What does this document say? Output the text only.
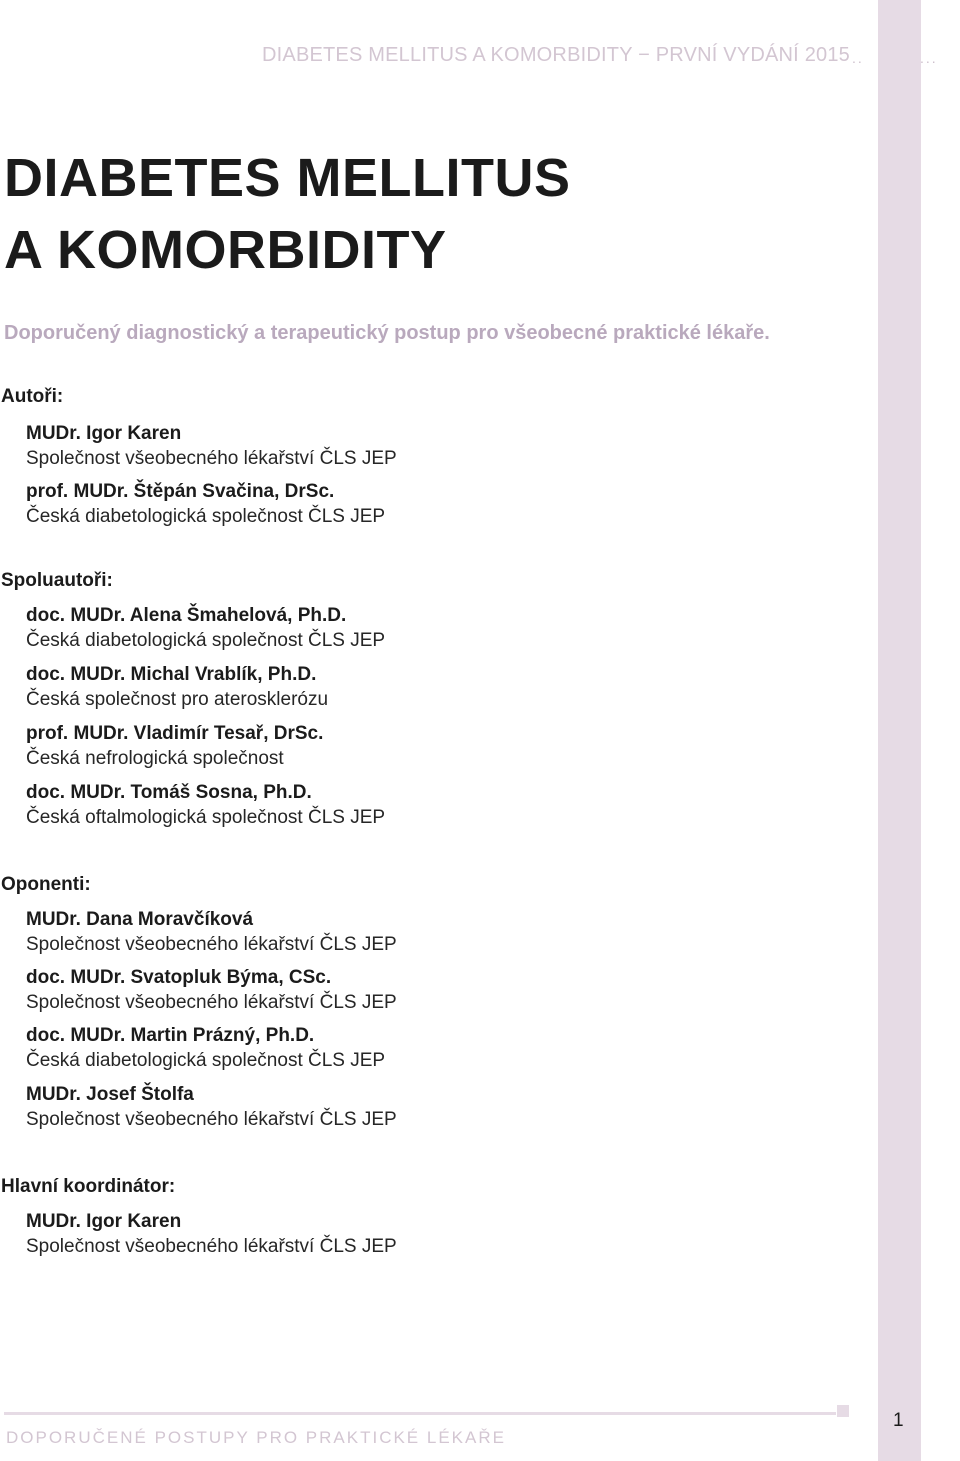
DIABETES MELLITUS A KOMORBIDITY − PRVNÍ VYDÁNÍ 2015 ..	...
DIABETES MELLITUS
A KOMORBIDITY
Doporučený diagnostický a terapeutický postup pro všeobecné praktické lékaře.
Autoři:
MUDr. Igor Karen
Společnost všeobecného lékařství ČLS JEP
prof. MUDr. Štěpán Svačina, DrSc.
Česká diabetologická společnost ČLS JEP
Spoluautoři:
doc. MUDr. Alena Šmahelová, Ph.D.
Česká diabetologická společnost ČLS JEP
doc. MUDr. Michal Vrablík, Ph.D.
Česká společnost pro aterosklerózu
prof. MUDr. Vladimír Tesař, DrSc.
Česká nefrologická společnost
doc. MUDr. Tomáš Sosna, Ph.D.
Česká oftalmologická společnost ČLS JEP
Oponenti:
MUDr. Dana Moravčíková
Společnost všeobecného lékařství ČLS JEP
doc. MUDr. Svatopluk Býma, CSc.
Společnost všeobecného lékařství ČLS JEP
doc. MUDr. Martin Prázný, Ph.D.
Česká diabetologická společnost ČLS JEP
MUDr. Josef Štolfa
Společnost všeobecného lékařství ČLS JEP
Hlavní koordinátor:
MUDr. Igor Karen
Společnost všeobecného lékařství ČLS JEP
DOPORUČENÉ POSTUPY PRO PRAKTICKÉ LÉKAŘE
1
